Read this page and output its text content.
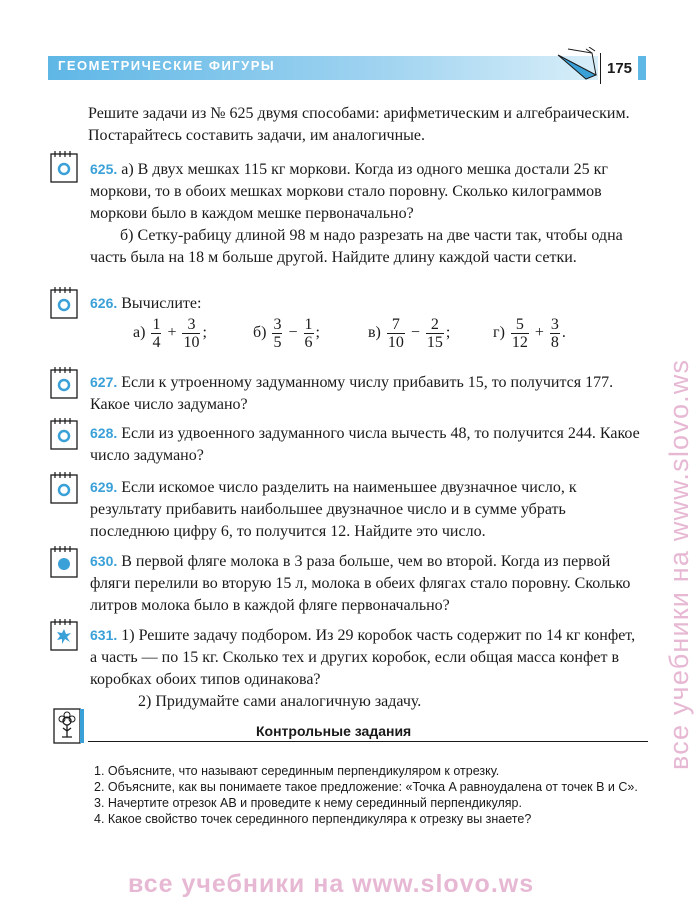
ГЕОМЕТРИЧЕСКИЕ ФИГУРЫ	175

Решите задачи из № 625 двумя способами: арифметическим и алгебраическим. Постарайтесь составить задачи, им аналогичные.

625. а) В двух мешках 115 кг моркови. Когда из одного мешка достали 25 кг моркови, то в обоих мешках моркови стало поровну. Сколько килограммов моркови было в каждом мешке первоначально?

б) Сетку-рабицу длиной 98 м надо разрезать на две части так, чтобы одна часть была на 18 м больше другой. Найдите длину каждой части сетки.

626. Вычислите:

$а) \frac{1}{4} + \frac{3}{10}$ ;	$б) \frac{3}{5} - \frac{1}{6}$ ;	$в) \frac{7}{10} - \frac{2}{15}$ ;	$г) \frac{5}{12} + \frac{3}{8}$ .

627. Если к утроенному задуманному числу прибавить 15, то получится 177. Какое число задумано?

628. Если из удвоенного задуманного числа вычесть 48, то получится 244. Какое число задумано?

629. Если искомое число разделить на наименьшее двузначное число, к результату прибавить наибольшее двузначное число и в сумме убрать последнюю цифру 6, то получится 12. Найдите это число.

630. В первой фляге молока в 3 раза больше, чем во второй. Когда из первой фляги перелили во вторую 15 л, молока в обеих флягах стало поровну. Сколько литров молока было в каждой фляге первоначально?

631. 1) Решите задачу подбором. Из 29 коробок часть содержит по 14 кг конфет, а часть — по 15 кг. Сколько тех и других коробок, если общая масса конфет в коробках обоих типов одинакова?

2) Придумайте сами аналогичную задачу.

Контрольные задания

1. Объясните, что называют серединным перпендикуляром к отрезку.

2. Объясните, как вы понимаете такое предложение: «Точка A равноудалена от точек B и C».

3. Начертите отрезок AB и проведите к нему серединный перпендикуляр.

4. Какое свойство точек серединного перпендикуляра к отрезку вы знаете?

все учебники на www.slovo.ws
все учебники на www.slovo.ws
